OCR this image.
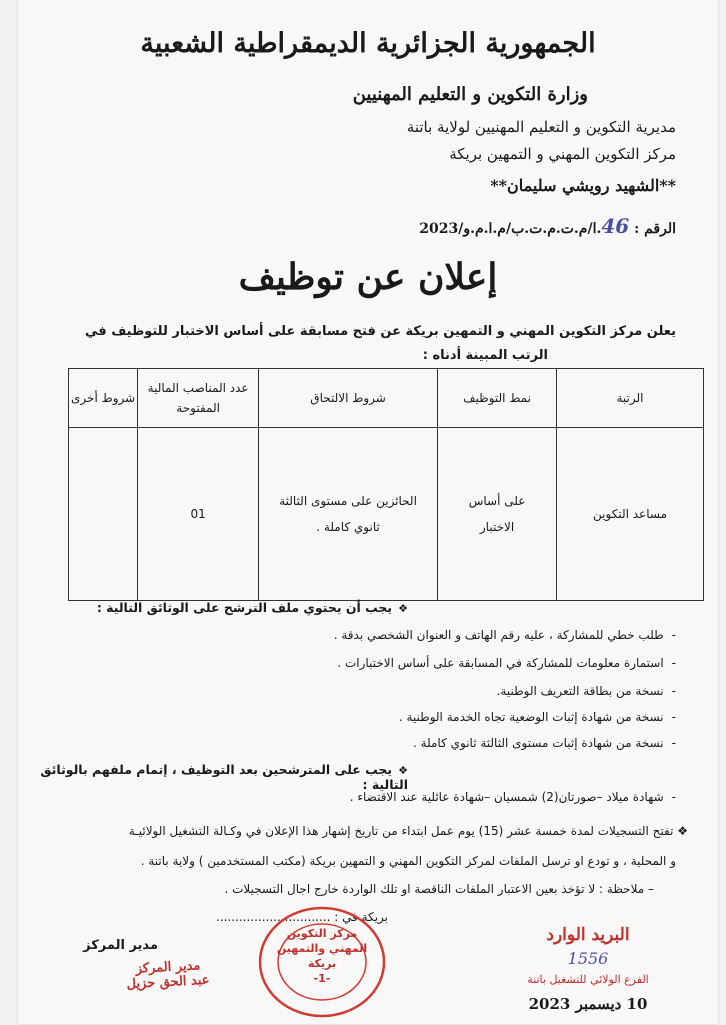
الجمهورية الجزائرية الديمقراطية الشعبية
وزارة التكوين و التعليم المهنيين
مديرية التكوين و التعليم المهنيين لولاية باتنة
مركز التكوين المهني و التمهين بريكة
**الشهيد رويشي سليمان**
الرقم : 46.ا/م.ت.م.ت.ب/م.ا.م.و/2023
إعلان عن توظيف
يعلن مركز التكوين المهني و التمهين بريكة عن فتح مسابقة على أساس الاختبار للتوظيف في
الرتب المبينة أدناه :
الرتبة	نمط التوظيف	شروط الالتحاق	عدد المناصب المالية المفتوحة	شروط أخرى
مساعد التكوين	على أساس الاختبار	الحائزين على مستوى الثالثة ثانوي كاملة .	01	
❖يجب أن يحتوي ملف الترشح على الوثائق التالية :
-طلب خطي للمشاركة ، عليه رقم الهاتف و العنوان الشخصي بدقة .
-استمارة معلومات للمشاركة في المسابقة على أساس الاختبارات .
-نسخة من بطاقة التعريف الوطنية.
-نسخة من شهادة إثبات الوضعية تجاه الخدمة الوطنية .
-نسخة من شهادة إثبات مستوى الثالثة ثانوي كاملة .
❖يجب على المترشحين بعد التوظيف ، إتمام ملفهم بالوثائق التالية :
-شهادة ميلاد –صورتان(2) شمسيان –شهادة عائلية عند الاقتضاء .
❖ تفتح التسجيلات لمدة خمسة عشر (15) يوم عمل ابتداء من تاريخ إشهار هذا الإعلان في وكـالة التشغيل الولائيـة
و المحلية ، و تودع او ترسل الملفات لمركز التكوين المهني و التمهين بريكة (مكتب المستخدمين ) ولاية باتنة .
– ملاحظة : لا تؤخذ بعين الاعتبار الملفات الناقصة او تلك الواردة خارج اجال التسجيلات .
بريكة في : ..............................
مدير المركز
مدير المركز
عبد الحق حزيل
مركز التكوين
المهني والتمهين
بريكة
-1-
البريد الوارد
1556
الفرع الولائي للتشغيل باتنة
10 ديسمبر 2023
